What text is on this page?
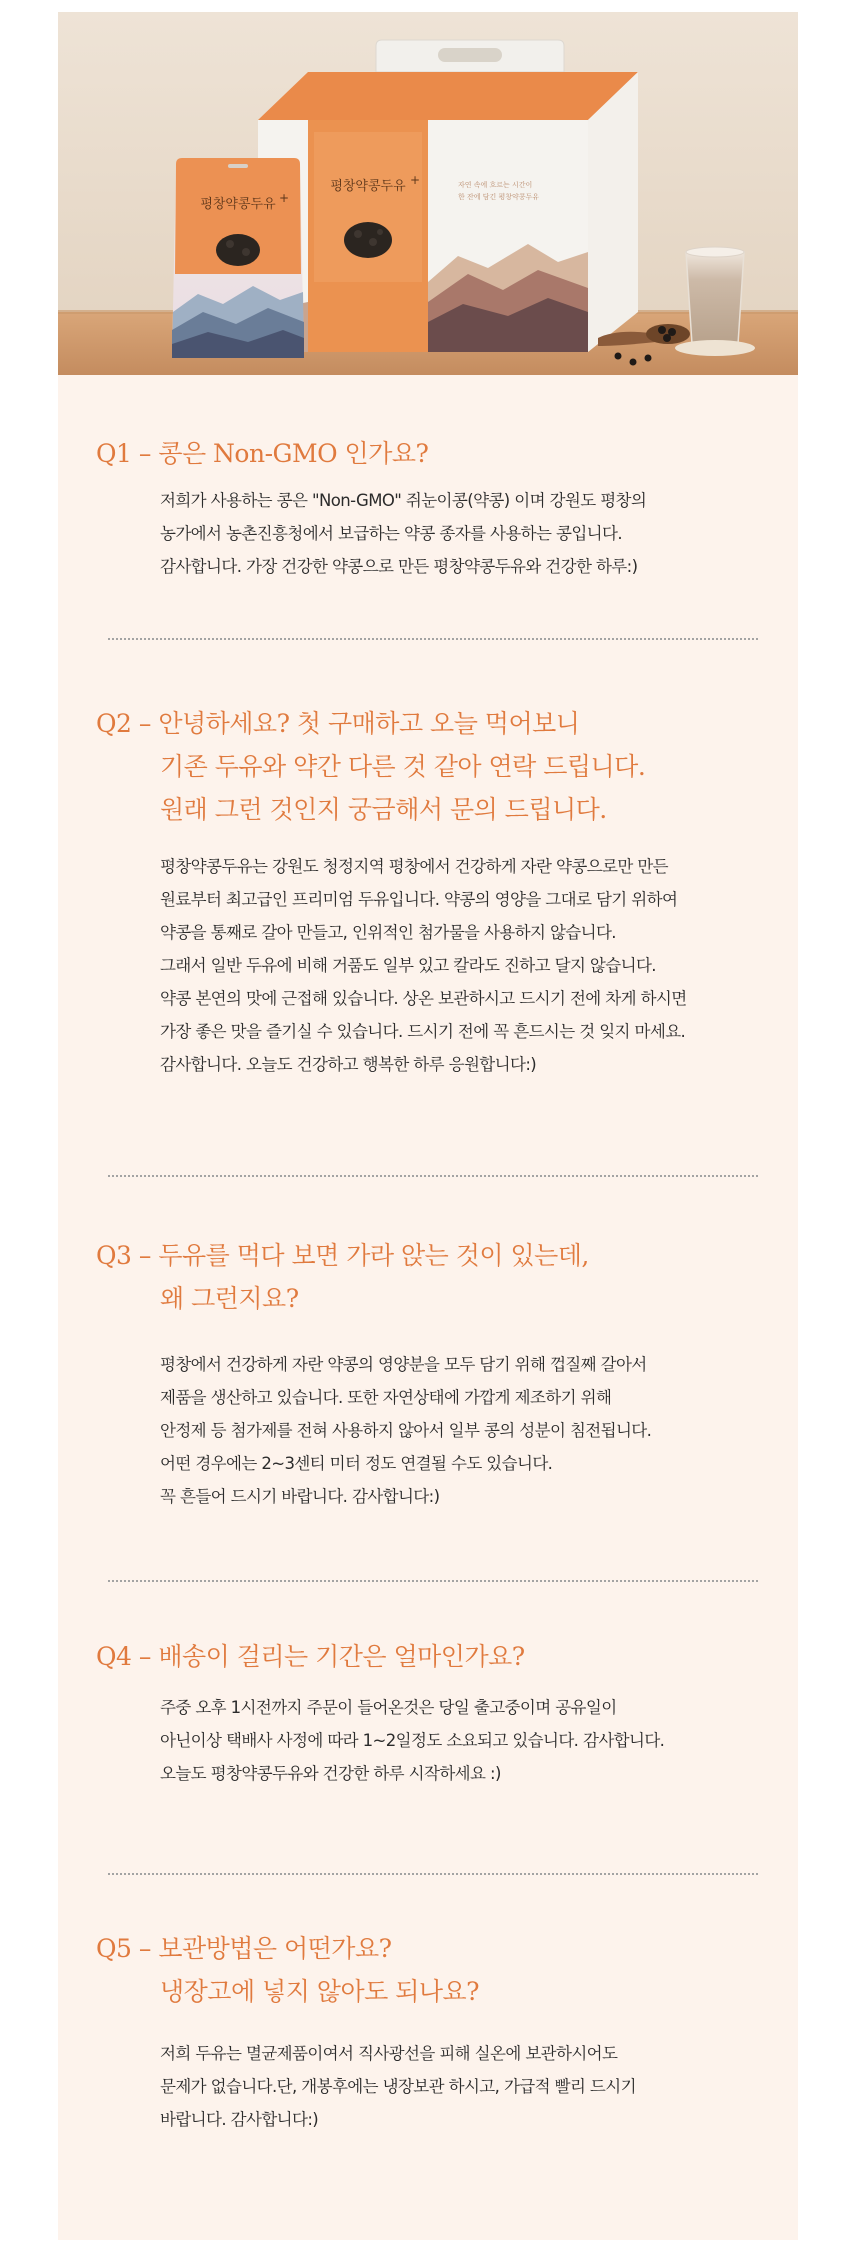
평창약콩두유 +	자연 속에 흐르는 시간이
한 잔에 담긴 평창약콩두유
평창약콩두유 +
Q1 – 콩은 Non-GMO 인가요?

저희가 사용하는 콩은 "Non-GMO" 쥐눈이콩(약콩) 이며 강원도 평창의
농가에서 농촌진흥청에서 보급하는 약콩 종자를 사용하는 콩입니다.
감사합니다. 가장 건강한 약콩으로 만든 평창약콩두유와 건강한 하루:)

Q2 – 안녕하세요? 첫 구매하고 오늘 먹어보니
기존 두유와 약간 다른 것 같아 연락 드립니다.
원래 그런 것인지 궁금해서 문의 드립니다.

평창약콩두유는 강원도 청정지역 평창에서 건강하게 자란 약콩으로만 만든
원료부터 최고급인 프리미엄 두유입니다. 약콩의 영양을 그대로 담기 위하여
약콩을 통째로 갈아 만들고, 인위적인 첨가물을 사용하지 않습니다.
그래서 일반 두유에 비해 거품도 일부 있고 칼라도 진하고 달지 않습니다.
약콩 본연의 맛에 근접해 있습니다. 상온 보관하시고 드시기 전에 차게 하시면
가장 좋은 맛을 즐기실 수 있습니다. 드시기 전에 꼭 흔드시는 것 잊지 마세요.
감사합니다. 오늘도 건강하고 행복한 하루 응원합니다:)

Q3 – 두유를 먹다 보면 가라 앉는 것이 있는데,
왜 그런지요?

평창에서 건강하게 자란 약콩의 영양분을 모두 담기 위해 껍질째 갈아서
제품을 생산하고 있습니다. 또한 자연상태에 가깝게 제조하기 위해
안정제 등 첨가제를 전혀 사용하지 않아서 일부 콩의 성분이 침전됩니다.
어떤 경우에는 2~3센티 미터 정도 연결될 수도 있습니다.
꼭 흔들어 드시기 바랍니다. 감사합니다:)

Q4 – 배송이 걸리는 기간은 얼마인가요?

주중 오후 1시전까지 주문이 들어온것은 당일 출고중이며 공유일이
아닌이상 택배사 사정에 따라 1~2일정도 소요되고 있습니다. 감사합니다.
오늘도 평창약콩두유와 건강한 하루 시작하세요 :)

Q5 – 보관방법은 어떤가요?
냉장고에 넣지 않아도 되나요?

저희 두유는 멸균제품이여서 직사광선을 피해 실온에 보관하시어도
문제가 없습니다.단, 개봉후에는 냉장보관 하시고, 가급적 빨리 드시기
바랍니다. 감사합니다:)
